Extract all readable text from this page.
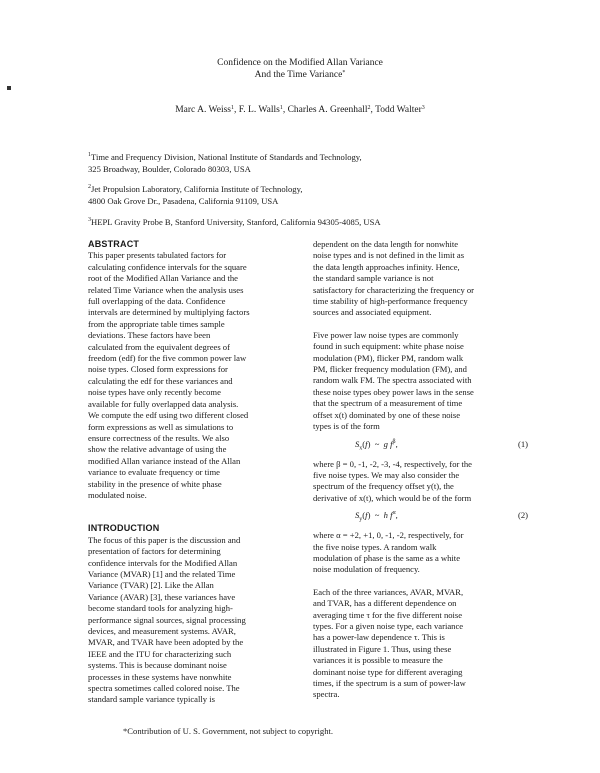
Confidence on the Modified Allan Variance
And the Time Variance*
Marc A. Weiss$^1$, F. L. Walls$^1$, Charles A. Greenhall$^2$, Todd Walter$^3$
$^1$Time and Frequency Division, National Institute of Standards and Technology,
325 Broadway, Boulder, Colorado 80303, USA
$^2$Jet Propulsion Laboratory, California Institute of Technology,
4800 Oak Grove Dr., Pasadena, California 91109, USA
$^3$HEPL Gravity Probe B, Stanford University, Stanford, California 94305-4085, USA
ABSTRACT
This paper presents tabulated factors for
calculating confidence intervals for the square
root of the Modified Allan Variance and the
related Time Variance when the analysis uses
full overlapping of the data. Confidence
intervals are determined by multiplying factors
from the appropriate table times sample
deviations. These factors have been
calculated from the equivalent degrees of
freedom (edf) for the five common power law
noise types. Closed form expressions for
calculating the edf for these variances and
noise types have only recently become
available for fully overlapped data analysis.
We compute the edf using two different closed
form expressions as well as simulations to
ensure correctness of the results. We also
show the relative advantage of using the
modified Allan variance instead of the Allan
variance to evaluate frequency or time
stability in the presence of white phase
modulated noise.
INTRODUCTION
The focus of this paper is the discussion and
presentation of factors for determining
confidence intervals for the Modified Allan
Variance (MVAR) [1] and the related Time
Variance (TVAR) [2]. Like the Allan
Variance (AVAR) [3], these variances have
become standard tools for analyzing high-
performance signal sources, signal processing
devices, and measurement systems. AVAR,
MVAR, and TVAR have been adopted by the
IEEE and the ITU for characterizing such
systems. This is because dominant noise
processes in these systems have nonwhite
spectra sometimes called colored noise. The
standard sample variance typically is
dependent on the data length for nonwhite
noise types and is not defined in the limit as
the data length approaches infinity. Hence,
the standard sample variance is not
satisfactory for characterizing the frequency or
time stability of high-performance frequency
sources and associated equipment.
Five power law noise types are commonly
found in such equipment: white phase noise
modulation (PM), flicker PM, random walk
PM, flicker frequency modulation (FM), and
random walk FM. The spectra associated with
these noise types obey power laws in the sense
that the spectrum of a measurement of time
offset x(t) dominated by one of these noise
types is of the form
$S_x(f)$  ~  g $f^\beta$,	(1)
where β = 0, -1, -2, -3, -4, respectively, for the
five noise types. We may also consider the
spectrum of the frequency offset y(t), the
derivative of x(t), which would be of the form
$S_y(f)$  ~  h $f^\alpha$,	(2)
where α = +2, +1, 0, -1, -2, respectively, for
the five noise types. A random walk
modulation of phase is the same as a white
noise modulation of frequency.
Each of the three variances, AVAR, MVAR,
and TVAR, has a different dependence on
averaging time τ for the five different noise
types. For a given noise type, each variance
has a power-law dependence τ. This is
illustrated in Figure 1. Thus, using these
variances it is possible to measure the
dominant noise type for different averaging
times, if the spectrum is a sum of power-law
spectra.
*Contribution of U. S. Government, not subject to copyright.
